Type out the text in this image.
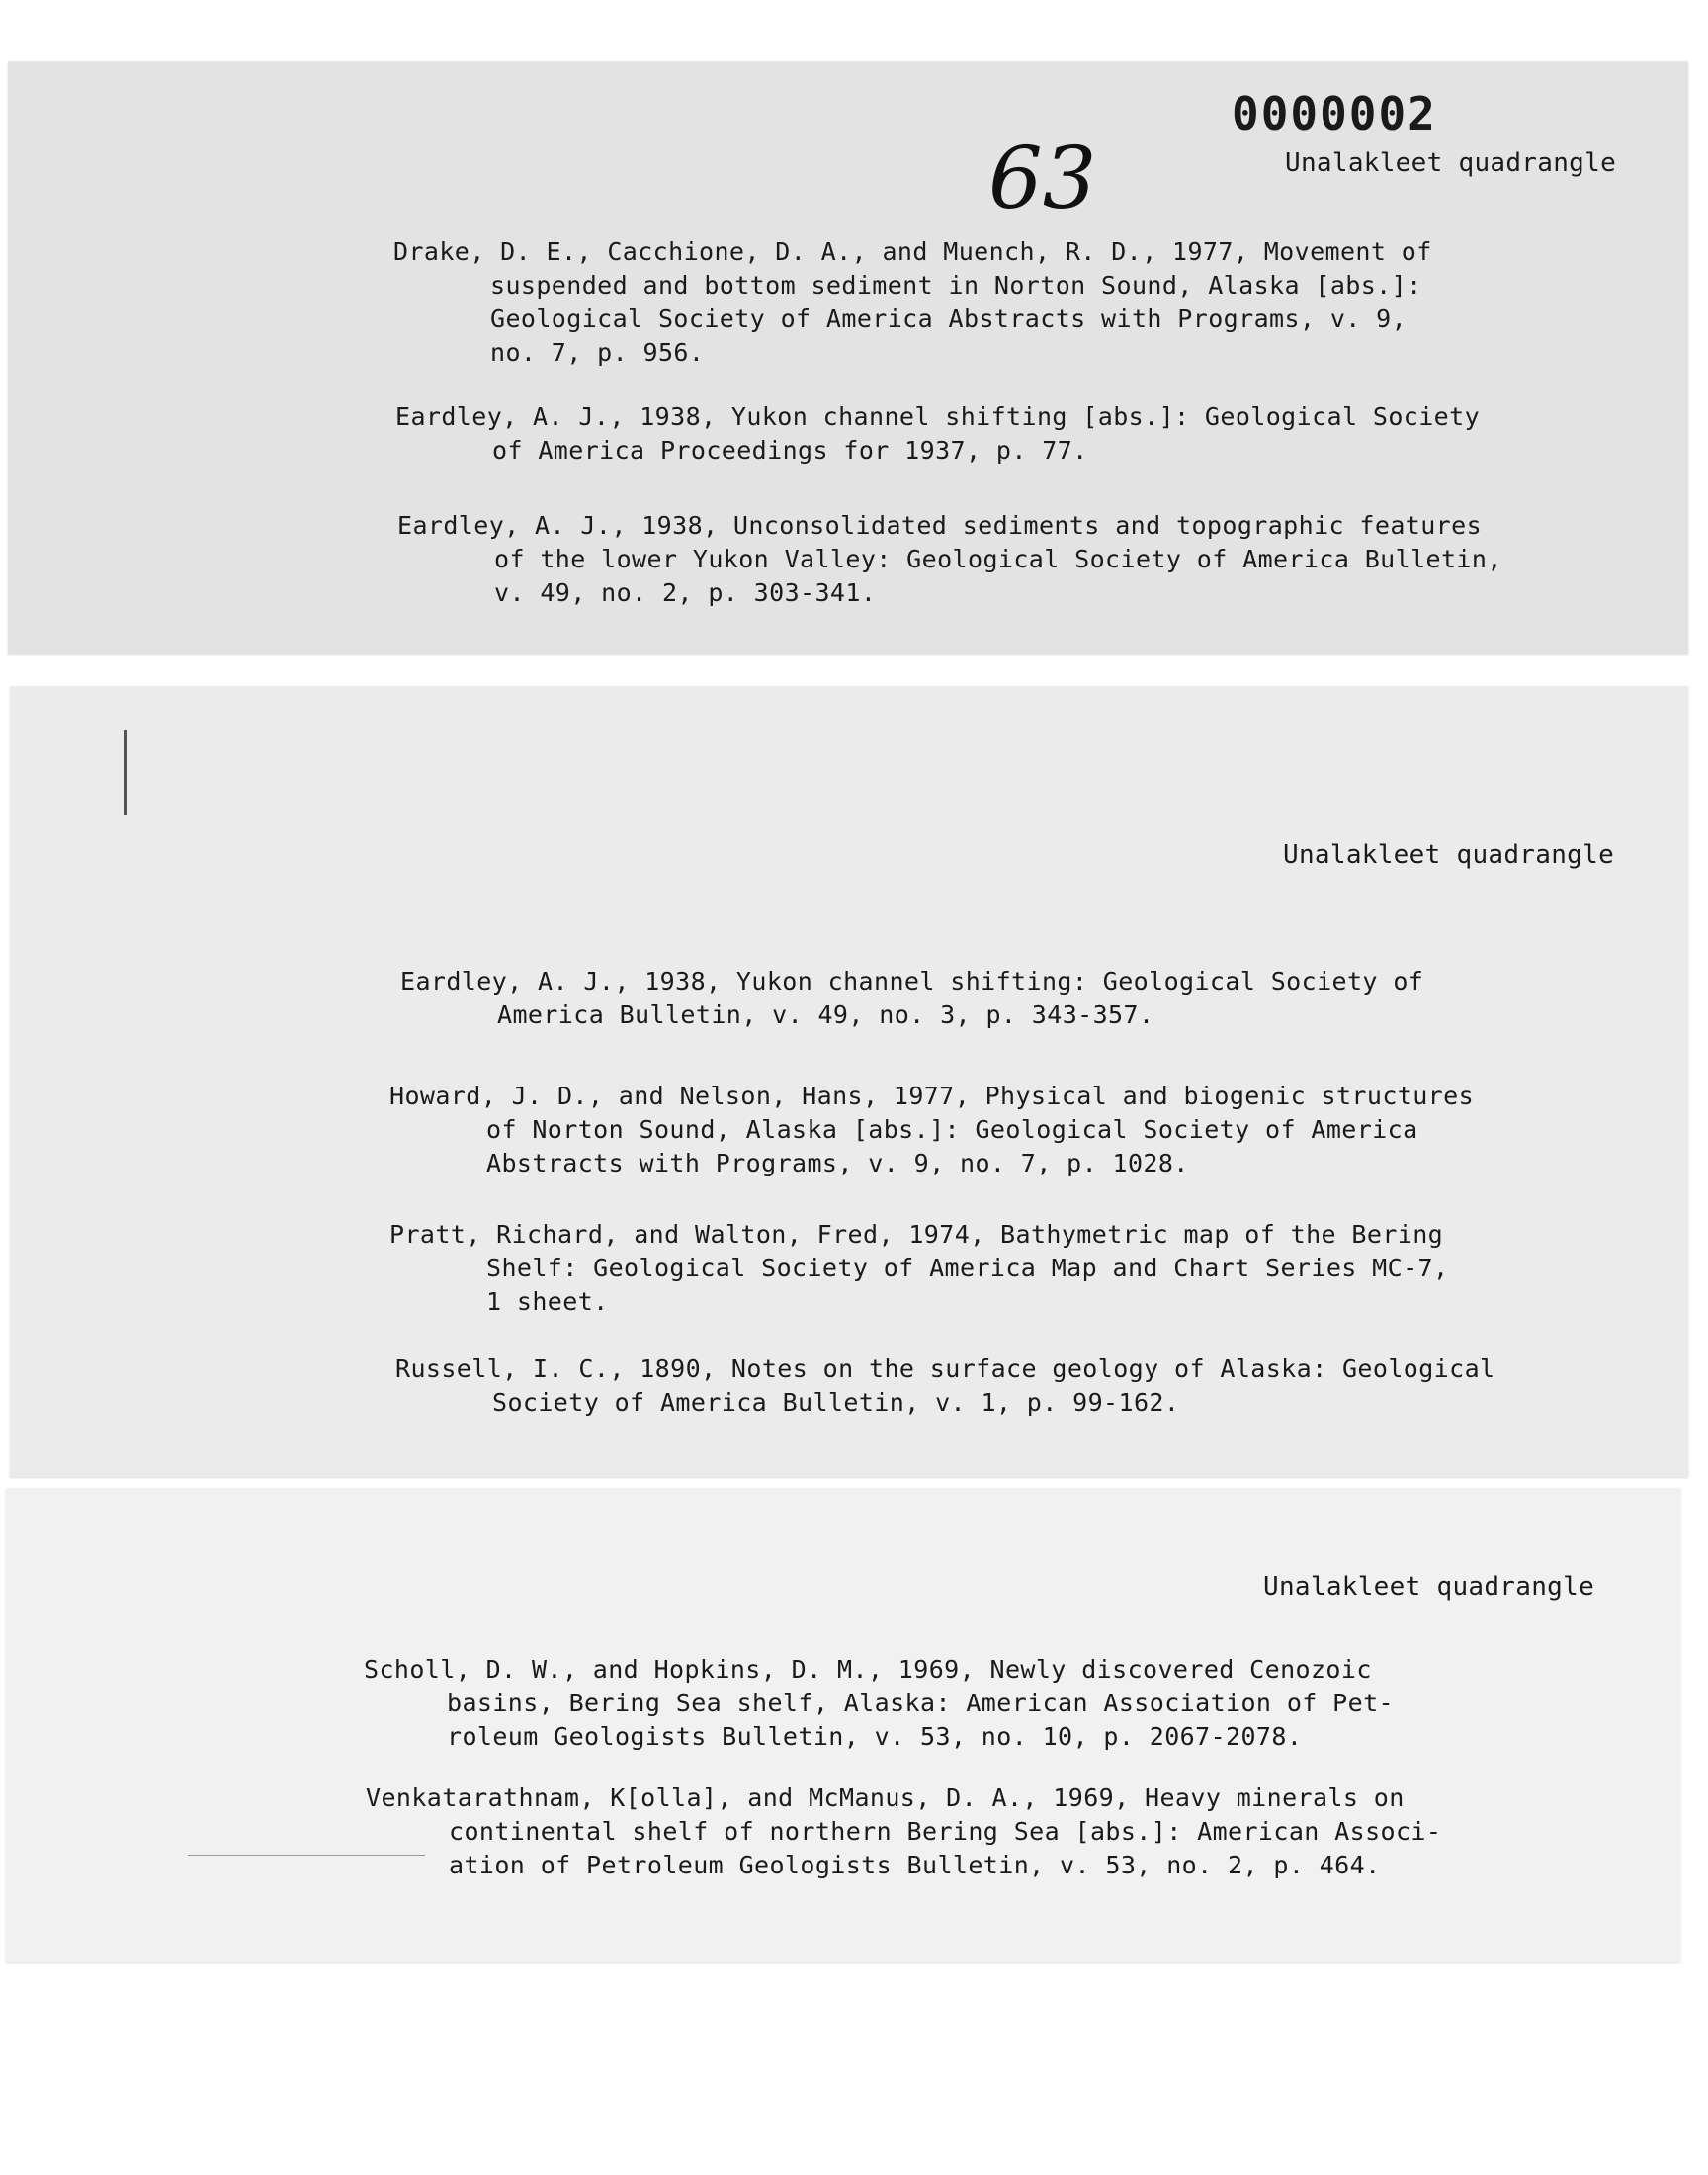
0000002
63	Unalakleet quadrangle
Drake, D. E., Cacchione, D. A., and Muench, R. D., 1977, Movement of
suspended and bottom sediment in Norton Sound, Alaska [abs.]:
Geological Society of America Abstracts with Programs, v. 9,
no. 7, p. 956.
Eardley, A. J., 1938, Yukon channel shifting [abs.]: Geological Society
of America Proceedings for 1937, p. 77.
Eardley, A. J., 1938, Unconsolidated sediments and topographic features
of the lower Yukon Valley: Geological Society of America Bulletin,
v. 49, no. 2, p. 303-341.
Unalakleet quadrangle
Eardley, A. J., 1938, Yukon channel shifting: Geological Society of
America Bulletin, v. 49, no. 3, p. 343-357.
Howard, J. D., and Nelson, Hans, 1977, Physical and biogenic structures
of Norton Sound, Alaska [abs.]: Geological Society of America
Abstracts with Programs, v. 9, no. 7, p. 1028.
Pratt, Richard, and Walton, Fred, 1974, Bathymetric map of the Bering
Shelf: Geological Society of America Map and Chart Series MC-7,
1 sheet.
Russell, I. C., 1890, Notes on the surface geology of Alaska: Geological
Society of America Bulletin, v. 1, p. 99-162.
Unalakleet quadrangle
Scholl, D. W., and Hopkins, D. M., 1969, Newly discovered Cenozoic
basins, Bering Sea shelf, Alaska: American Association of Pet-
roleum Geologists Bulletin, v. 53, no. 10, p. 2067-2078.
Venkatarathnam, K[olla], and McManus, D. A., 1969, Heavy minerals on
continental shelf of northern Bering Sea [abs.]: American Associ-
ation of Petroleum Geologists Bulletin, v. 53, no. 2, p. 464.
